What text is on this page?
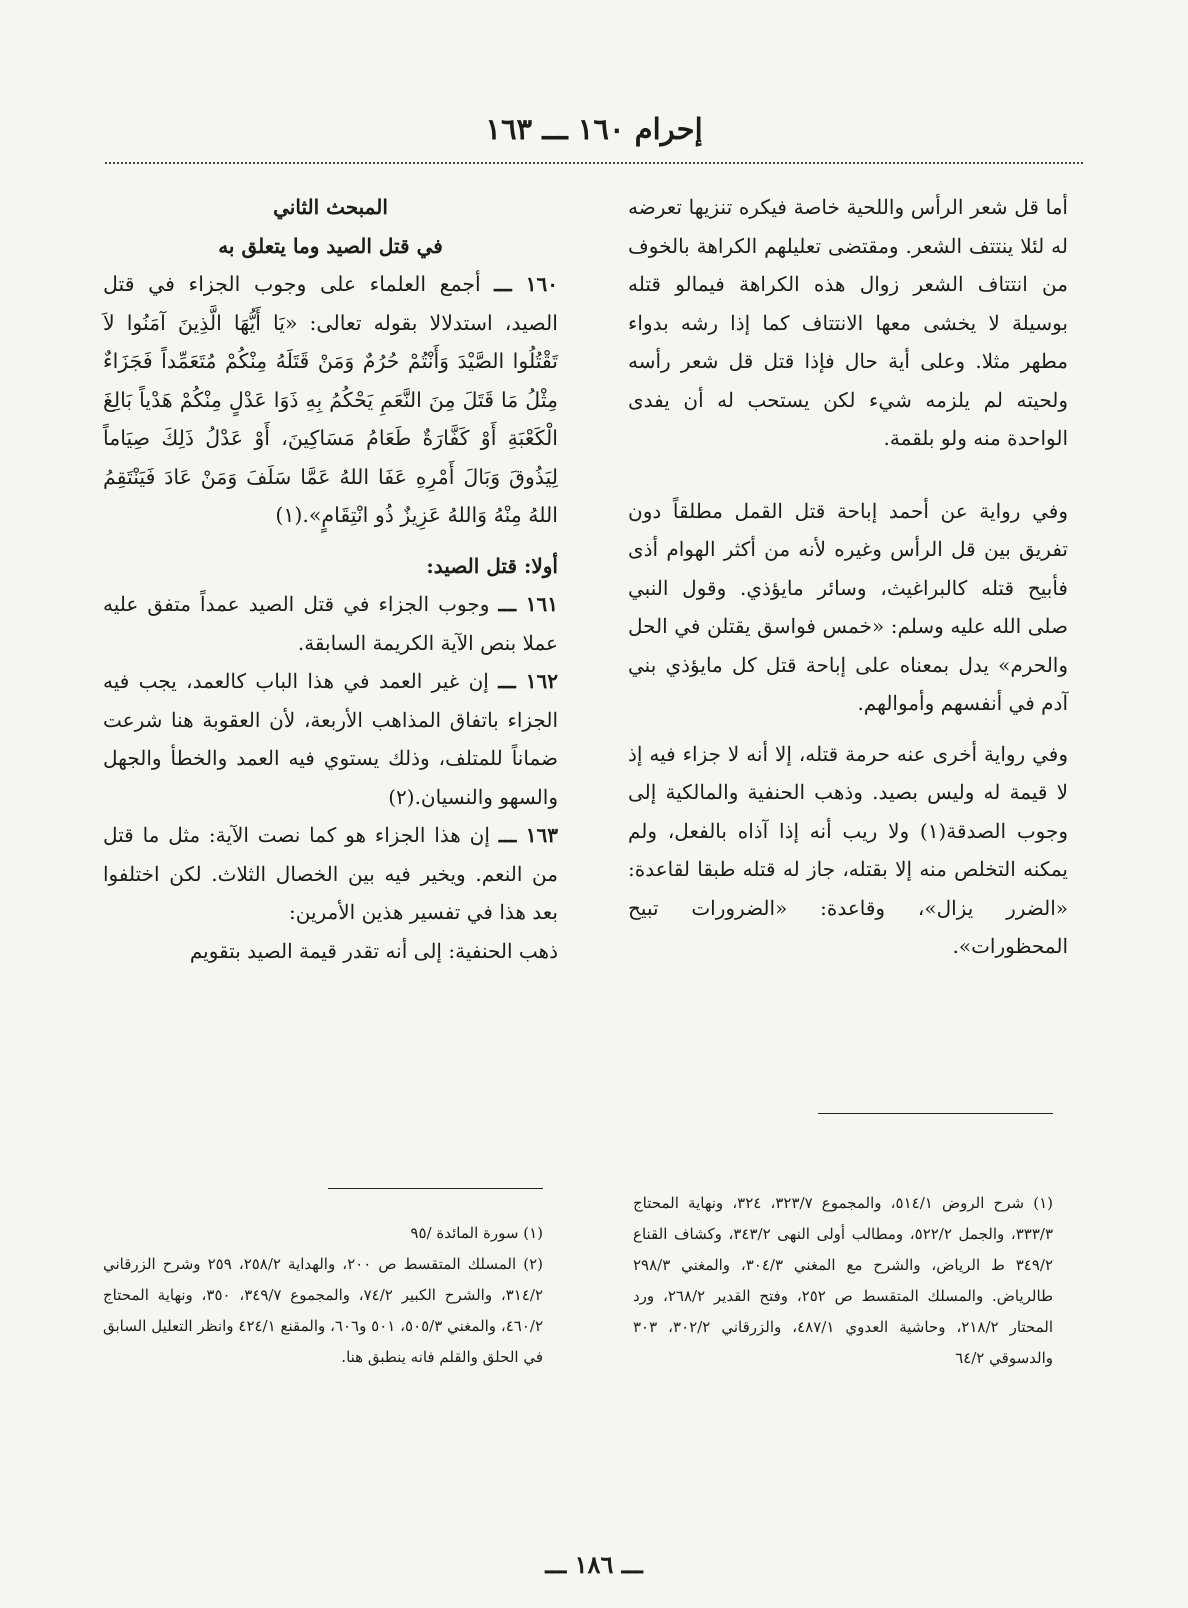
إحرام ١٦٠ ـــ ١٦٣

أما قل شعر الرأس واللحية خاصة فيكره تنزيها تعرضه له لئلا ينتتف الشعر. ومقتضى تعليلهم الكراهة بالخوف من انتتاف الشعر زوال هذه الكراهة فيمالو قتله بوسيلة لا يخشى معها الانتتاف كما إذا رشه بدواء مطهر مثلا. وعلى أية حال فإذا قتل قل شعر رأسه ولحيته لم يلزمه شيء لكن يستحب له أن يفدى الواحدة منه ولو بلقمة.

وفي رواية عن أحمد إباحة قتل القمل مطلقاً دون تفريق بين قل الرأس وغيره لأنه من أكثر الهوام أذى فأبيح قتله كالبراغيث، وسائر مايؤذي. وقول النبي صلى الله عليه وسلم: «خمس فواسق يقتلن في الحل والحرم» يدل بمعناه على إباحة قتل كل مايؤذي بني آدم في أنفسهم وأموالهم.

وفي رواية أخرى عنه حرمة قتله، إلا أنه لا جزاء فيه إذ لا قيمة له وليس بصيد. وذهب الحنفية والمالكية إلى وجوب الصدقة(١) ولا ريب أنه إذا آذاه بالفعل، ولم يمكنه التخلص منه إلا بقتله، جاز له قتله طبقا لقاعدة: «الضرر يزال»، وقاعدة: «الضرورات تبيح المحظورات».

(١) شرح الروض ٥١٤/١، والمجموع ٣٢٣/٧، ٣٢٤، ونهاية المحتاج ٣٣٣/٣، والجمل ٥٢٢/٢، ومطالب أولى النهى ٣٤٣/٢، وكشاف القناع ٣٤٩/٢ ط الرياض، والشرح مع المغني ٣٠٤/٣، والمغني ٢٩٨/٣ طالرياض. والمسلك المتقسط ص ٢٥٢، وفتح القدير ٢٦٨/٢، ورد المحتار ٢١٨/٢، وحاشية العدوي ٤٨٧/١، والزرقاني ٣٠٢/٢، ٣٠٣ والدسوقي ٦٤/٢

المبحث الثاني

في قتل الصيد وما يتعلق به

١٦٠ ـــ أجمع العلماء على وجوب الجزاء في قتل الصيد، استدلالا بقوله تعالى: «يَا أَيُّهَا الَّذِينَ آمَنُوا لاَ تَقْتُلُوا الصَّيْدَ وَأَنْتُمْ حُرُمٌ وَمَنْ قَتَلَهُ مِنْكُمْ مُتَعَمِّداً فَجَزَاءٌ مِثْلُ مَا قَتَلَ مِنَ النَّعَمِ يَحْكُمُ بِهِ ذَوَا عَدْلٍ مِنْكُمْ هَدْياً بَالِغَ الْكَعْبَةِ أَوْ كَفَّارَةٌ طَعَامُ مَسَاكِينَ، أَوْ عَدْلُ ذَلِكَ صِيَاماً لِيَذُوقَ وَبَالَ أَمْرِهِ عَفَا اللهُ عَمَّا سَلَفَ وَمَنْ عَادَ فَيَنْتَقِمُ اللهُ مِنْهُ وَاللهُ عَزِيزٌ ذُو انْتِقَامٍ».(١)

أولا: قتل الصيد:

١٦١ ـــ وجوب الجزاء في قتل الصيد عمداً متفق عليه عملا بنص الآية الكريمة السابقة.

١٦٢ ـــ إن غير العمد في هذا الباب كالعمد، يجب فيه الجزاء باتفاق المذاهب الأربعة، لأن العقوبة هنا شرعت ضماناً للمتلف، وذلك يستوي فيه العمد والخطأ والجهل والسهو والنسيان.(٢)

١٦٣ ـــ إن هذا الجزاء هو كما نصت الآية: مثل ما قتل من النعم. ويخير فيه بين الخصال الثلاث. لكن اختلفوا بعد هذا في تفسير هذين الأمرين:

ذهب الحنفية: إلى أنه تقدر قيمة الصيد بتقويم

(١) سورة المائدة /٩٥

(٢) المسلك المتقسط ص ٢٠٠، والهداية ٢٥٨/٢، ٢٥٩ وشرح الزرقاني ٣١٤/٢، والشرح الكبير ٧٤/٢، والمجموع ٣٤٩/٧، ٣٥٠، ونهاية المحتاج ٤٦٠/٢، والمغني ٥٠٥/٣، ٥٠١ و٦٠٦، والمقنع ٤٢٤/١ وانظر التعليل السابق في الحلق والقلم فانه ينطبق هنا.

ـــ ١٨٦ ـــ
